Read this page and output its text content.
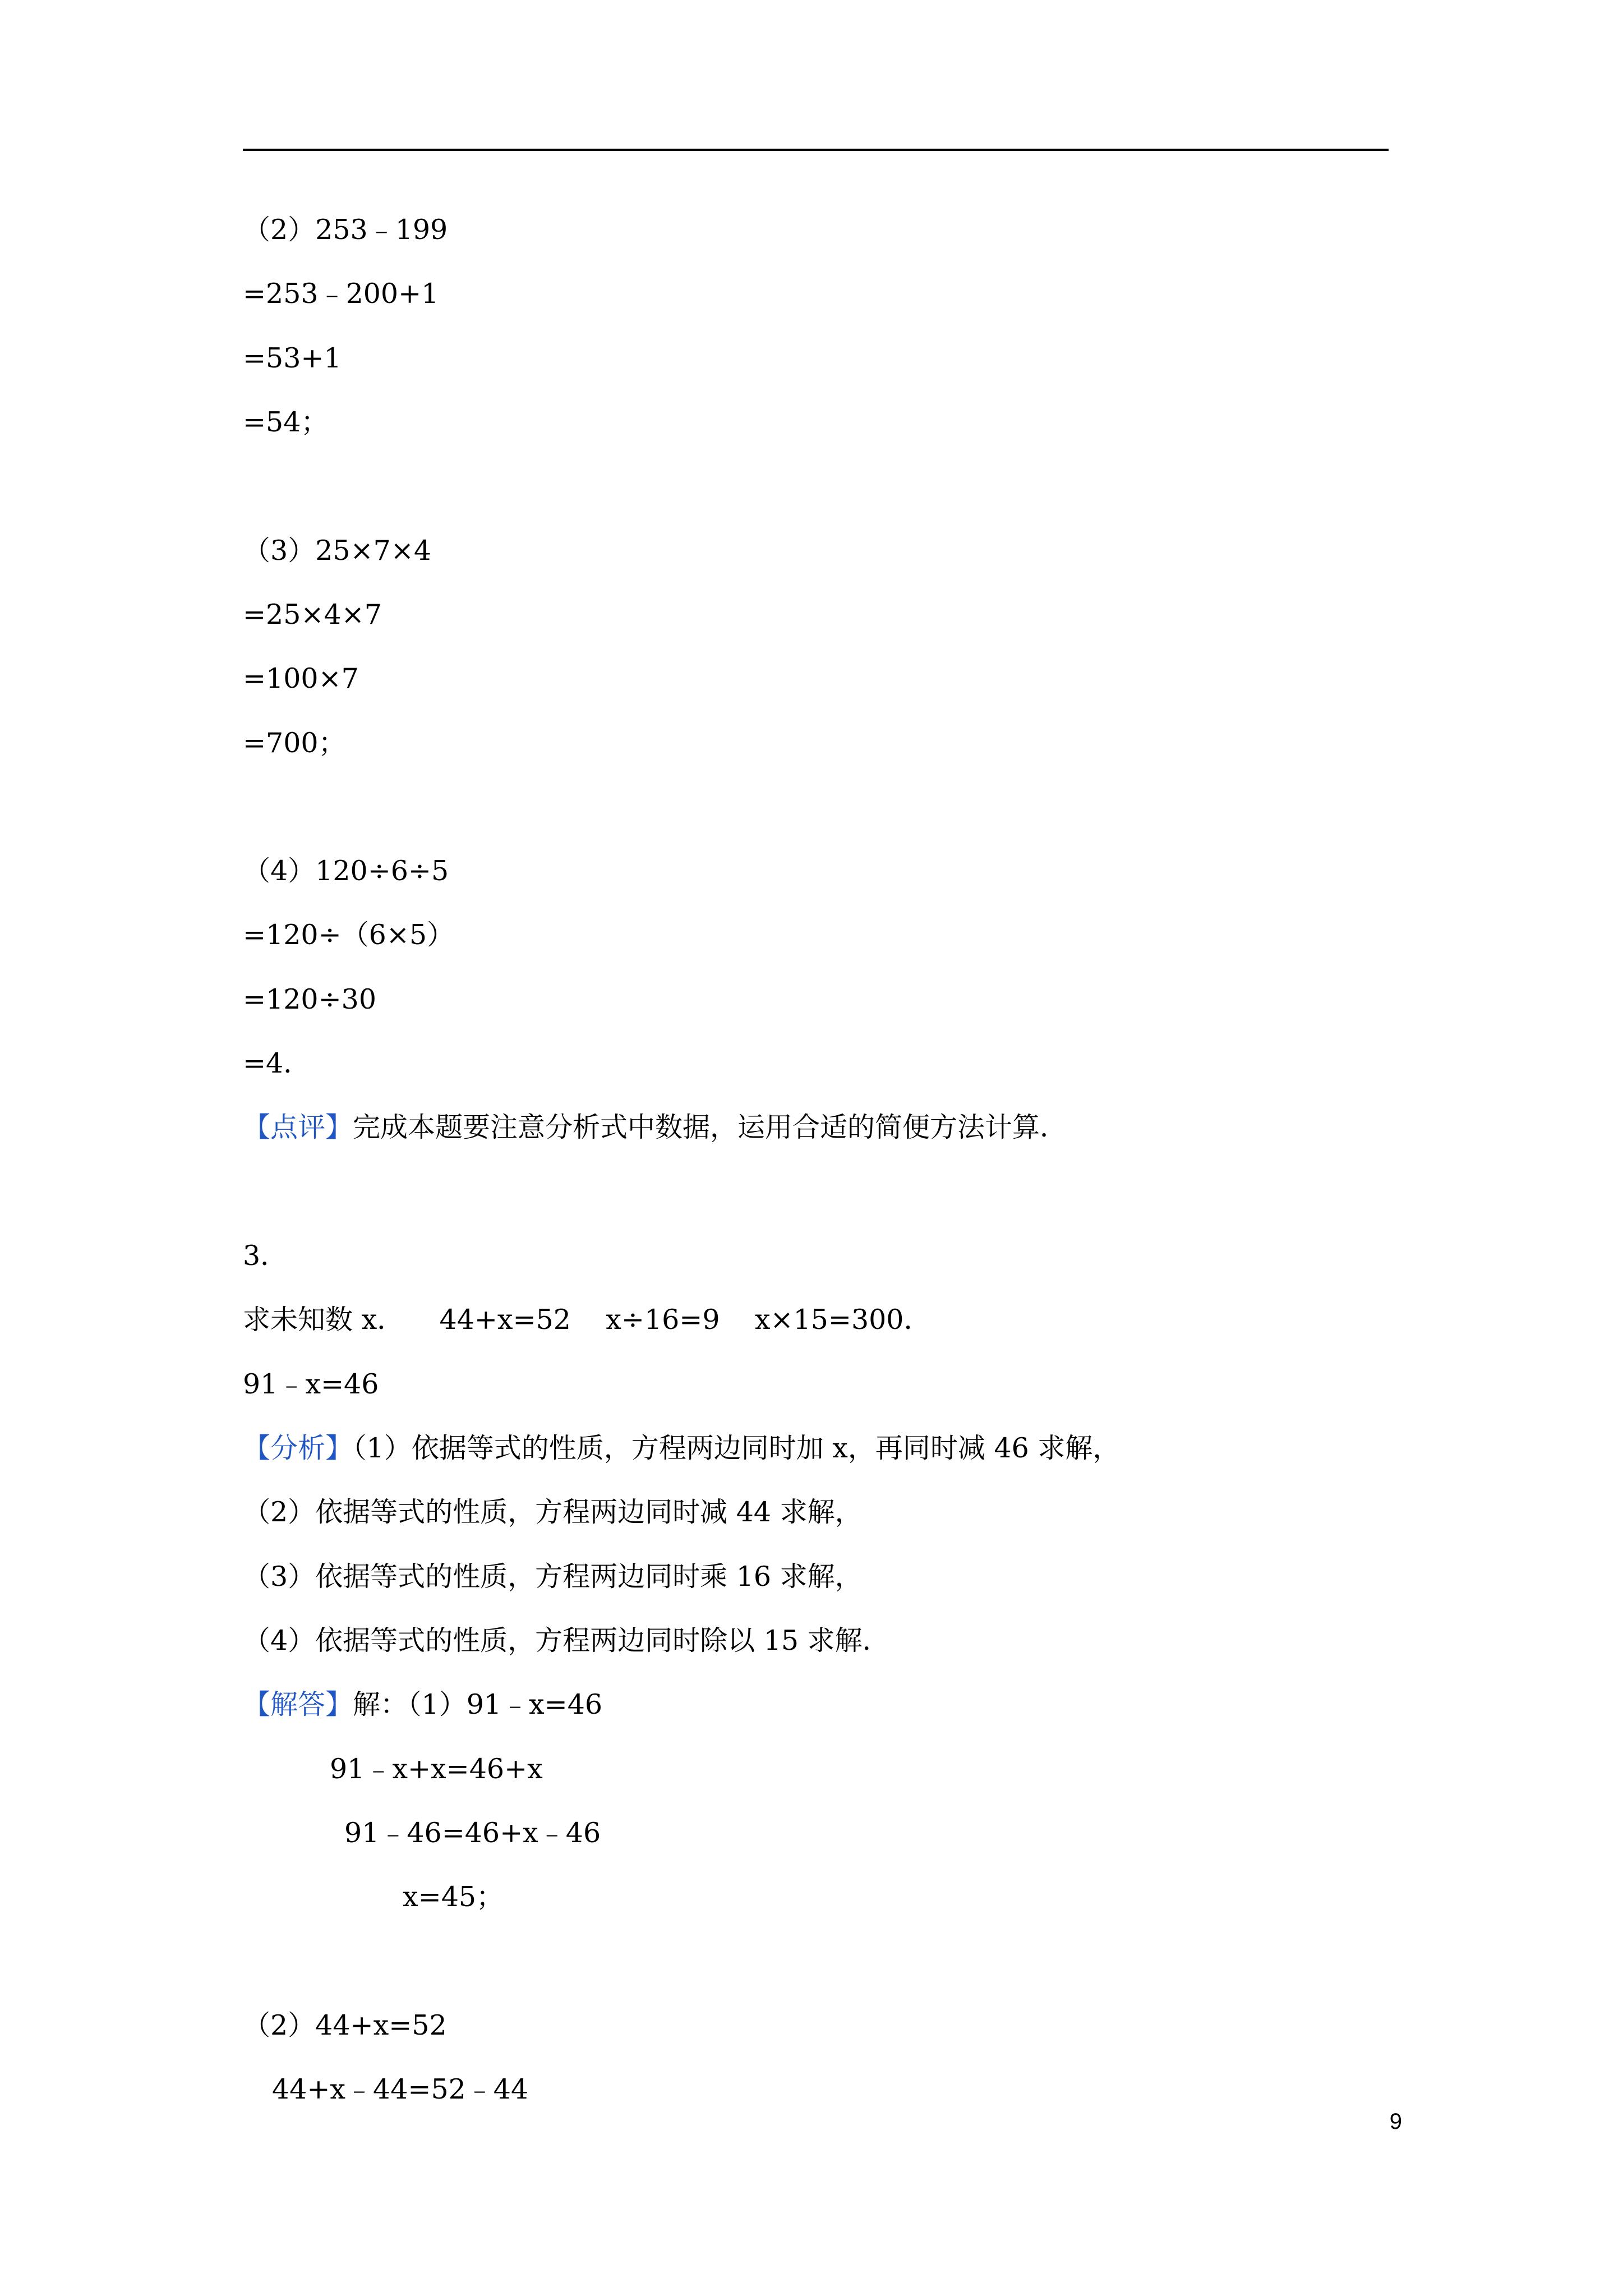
（2）253﹣199
=253﹣200+1
=53+1
=54；
（3）25×7×4
=25×4×7
=100×7
=700；
（4）120÷6÷5
=120÷（6×5）
=120÷30
=4．
【点评】完成本题要注意分析式中数据，运用合适的简便方法计算．
3．
求未知数 x．    44+x=52    x÷16=9    x×15=300．
91﹣x=46
【分析】（1）依据等式的性质，方程两边同时加 x，再同时减 46 求解，
（2）依据等式的性质，方程两边同时减 44 求解，
（3）依据等式的性质，方程两边同时乘 16 求解，
（4）依据等式的性质，方程两边同时除以 15 求解．
【解答】解：（1）91﹣x=46
91﹣x+x=46+x
91﹣46=46+x﹣46
x=45；
（2）44+x=52
44+x﹣44=52﹣44
9
